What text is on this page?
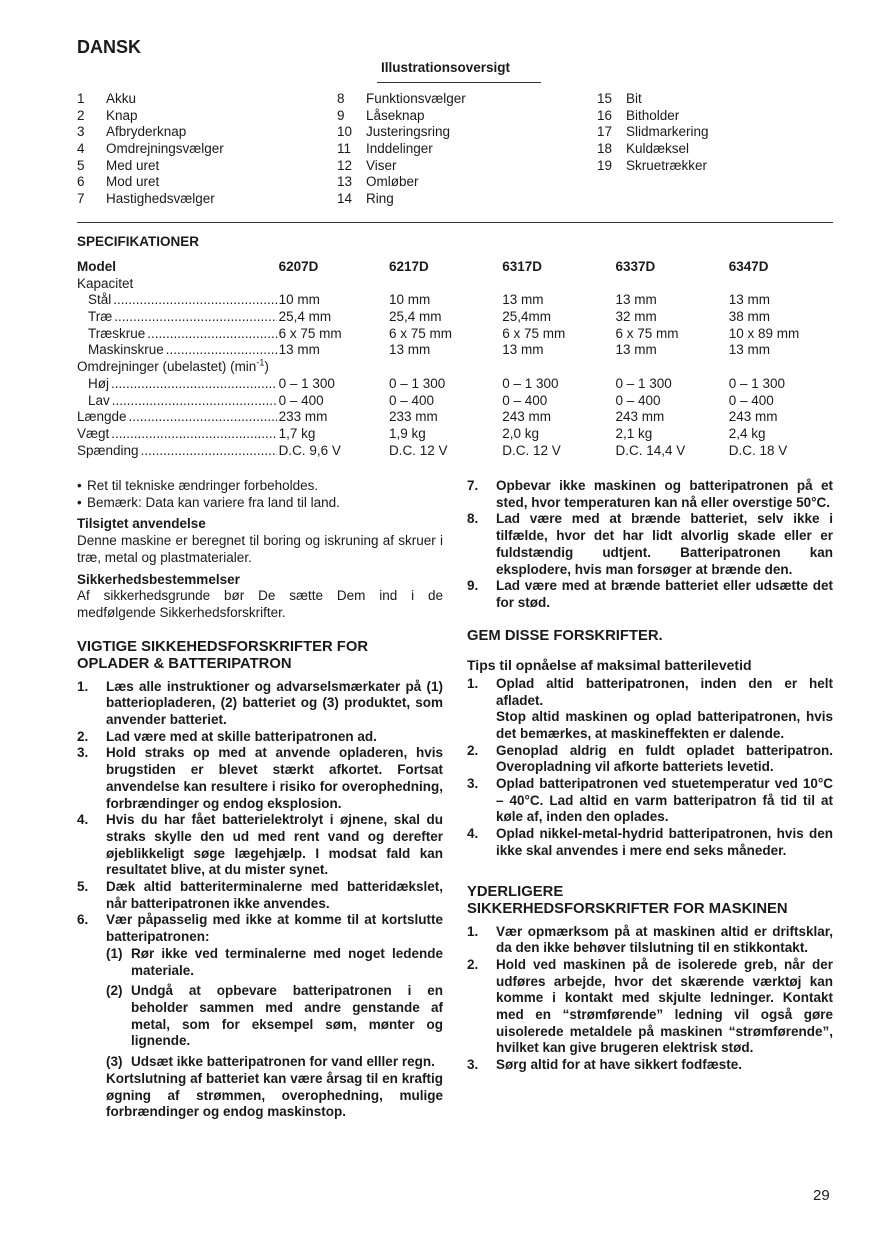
DANSK
Illustrationsoversigt
1	Akku
2	Knap
3	Afbryderknap
4	Omdrejningsvælger
5	Med uret
6	Mod uret
7	Hastighedsvælger
8	Funktionsvælger
9	Låseknap
10	Justeringsring
11	Inddelinger
12	Viser
13	Omløber
14	Ring
15	Bit
16	Bitholder
17	Slidmarkering
18	Kuldæksel
19	Skruetrækker
SPECIFIKATIONER
Model	6207D	6217D	6317D	6337D	6347D
Kapacitet
Stål .....	10 mm	10 mm	13 mm	13 mm	13 mm
Træ .....	25,4 mm	25,4 mm	25,4mm	32 mm	38 mm
Træskrue .....	6 x 75 mm	6 x 75 mm	6 x 75 mm	6 x 75 mm	10 x 89 mm
Maskinskrue .....	13 mm	13 mm	13 mm	13 mm	13 mm
Omdrejninger (ubelastet) $(\min^{-1})$
Høj .....	0 – 1 300	0 – 1 300	0 – 1 300	0 – 1 300	0 – 1 300
Lav .....	0 – 400	0 – 400	0 – 400	0 – 400	0 – 400
Længde .....	233 mm	233 mm	243 mm	243 mm	243 mm
Vægt .....	1,7 kg	1,9 kg	2,0 kg	2,1 kg	2,4 kg
Spænding .....	D.C. 9,6 V	D.C. 12 V	D.C. 12 V	D.C. 14,4 V	D.C. 18 V
• Ret til tekniske ændringer forbeholdes.
• Bemærk: Data kan variere fra land til land.
Tilsigtet anvendelse
Denne maskine er beregnet til boring og iskruning af skruer i træ, metal og plastmaterialer.
Sikkerhedsbestemmelser
Af sikkerhedsgrunde bør De sætte Dem ind i de medfølgende Sikkerhedsforskrifter.
VIGTIGE SIKKEHEDSFORSKRIFTER FOR
OPLADER & BATTERIPATRON
1.	Læs alle instruktioner og advarselsmærkater på (1) batteriopladeren, (2) batteriet og (3) produktet, som anvender batteriet.
2.	Lad være med at skille batteripatronen ad.
3.	Hold straks op med at anvende opladeren, hvis brugstiden er blevet stærkt afkortet. Fortsat anvendelse kan resultere i risiko for overophedning, forbrændinger og endog eksplosion.
4.	Hvis du har fået batterielektrolyt i øjnene, skal du straks skylle den ud med rent vand og derefter øjeblikkeligt søge lægehjælp. I modsat fald kan resultatet blive, at du mister synet.
5.	Dæk altid batteriterminalerne med batteridækslet, når batteripatronen ikke anvendes.
6.	Vær påpasselig med ikke at komme til at kortslutte batteripatronen:
(1) Rør ikke ved terminalerne med noget ledende materiale.
(2) Undgå at opbevare batteripatronen i en beholder sammen med andre genstande af metal, som for eksempel søm, mønter og lignende.
(3) Udsæt ikke batteripatronen for vand elller regn.
Kortslutning af batteriet kan være årsag til en kraftig øgning af strømmen, overophedning, mulige forbrændinger og endog maskinstop.
7.	Opbevar ikke maskinen og batteripatronen på et sted, hvor temperaturen kan nå eller overstige 50°C.
8.	Lad være med at brænde batteriet, selv ikke i tilfælde, hvor det har lidt alvorlig skade eller er fuldstændig udtjent. Batteripatronen kan eksplodere, hvis man forsøger at brænde den.
9.	Lad være med at brænde batteriet eller udsætte det for stød.
GEM DISSE FORSKRIFTER.
Tips til opnåelse af maksimal batterilevetid
1.	Oplad altid batteripatronen, inden den er helt afladet.
Stop altid maskinen og oplad batteripatronen, hvis det bemærkes, at maskineffekten er dalende.
2.	Genoplad aldrig en fuldt opladet batteripatron. Overopladning vil afkorte batteriets levetid.
3.	Oplad batteripatronen ved stuetemperatur ved 10°C – 40°C. Lad altid en varm batteripatron få tid til at køle af, inden den oplades.
4.	Oplad nikkel-metal-hydrid batteripatronen, hvis den ikke skal anvendes i mere end seks måneder.
YDERLIGERE
SIKKERHEDSFORSKRIFTER FOR MASKINEN
1.	Vær opmærksom på at maskinen altid er driftsklar, da den ikke behøver tilslutning til en stikkontakt.
2.	Hold ved maskinen på de isolerede greb, når der udføres arbejde, hvor det skærende værktøj kan komme i kontakt med skjulte ledninger. Kontakt med en “strømførende” ledning vil også gøre uisolerede metaldele på maskinen “strømførende”, hvilket kan give brugeren elektrisk stød.
3.	Sørg altid for at have sikkert fodfæste.
29
